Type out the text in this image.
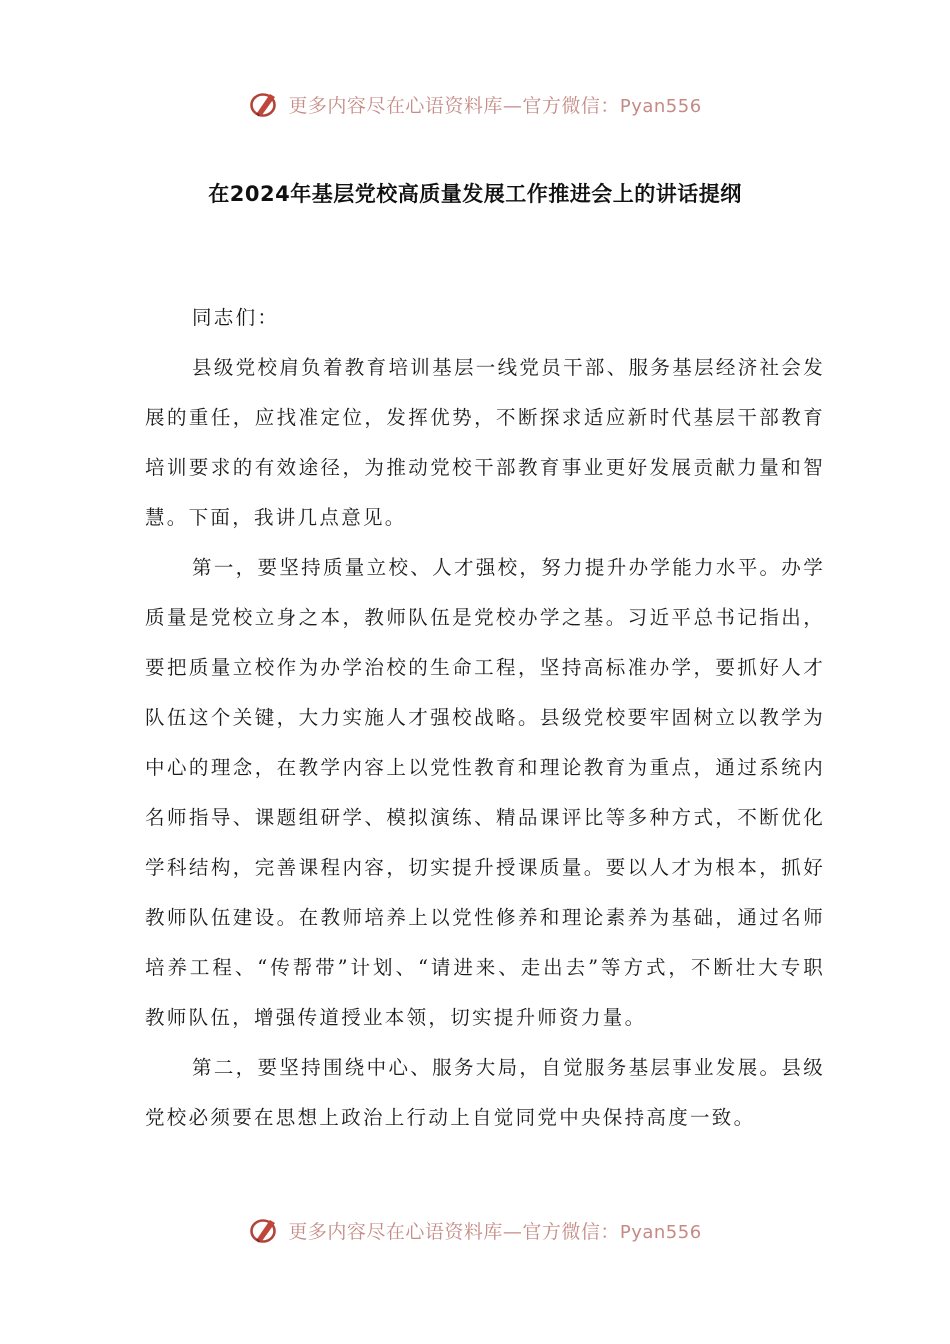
更多内容尽在心语资料库—官方微信：Pyan556
在2024年基层党校高质量发展工作推进会上的讲话提纲

同志们：

县级党校肩负着教育培训基层一线党员干部、服务基层经济社会发展的重任，应找准定位，发挥优势，不断探求适应新时代基层干部教育培训要求的有效途径，为推动党校干部教育事业更好发展贡献力量和智慧。下面，我讲几点意见。

第一，要坚持质量立校、人才强校，努力提升办学能力水平。办学质量是党校立身之本，教师队伍是党校办学之基。习近平总书记指出，要把质量立校作为办学治校的生命工程，坚持高标准办学，要抓好人才队伍这个关键，大力实施人才强校战略。县级党校要牢固树立以教学为中心的理念，在教学内容上以党性教育和理论教育为重点，通过系统内名师指导、课题组研学、模拟演练、精品课评比等多种方式，不断优化学科结构，完善课程内容，切实提升授课质量。要以人才为根本，抓好教师队伍建设。在教师培养上以党性修养和理论素养为基础，通过名师培养工程、“传帮带”计划、“请进来、走出去”等方式，不断壮大专职教师队伍，增强传道授业本领，切实提升师资力量。

第二，要坚持围绕中心、服务大局，自觉服务基层事业发展。县级党校必须要在思想上政治上行动上自觉同党中央保持高度一致。

更多内容尽在心语资料库—官方微信：Pyan556
